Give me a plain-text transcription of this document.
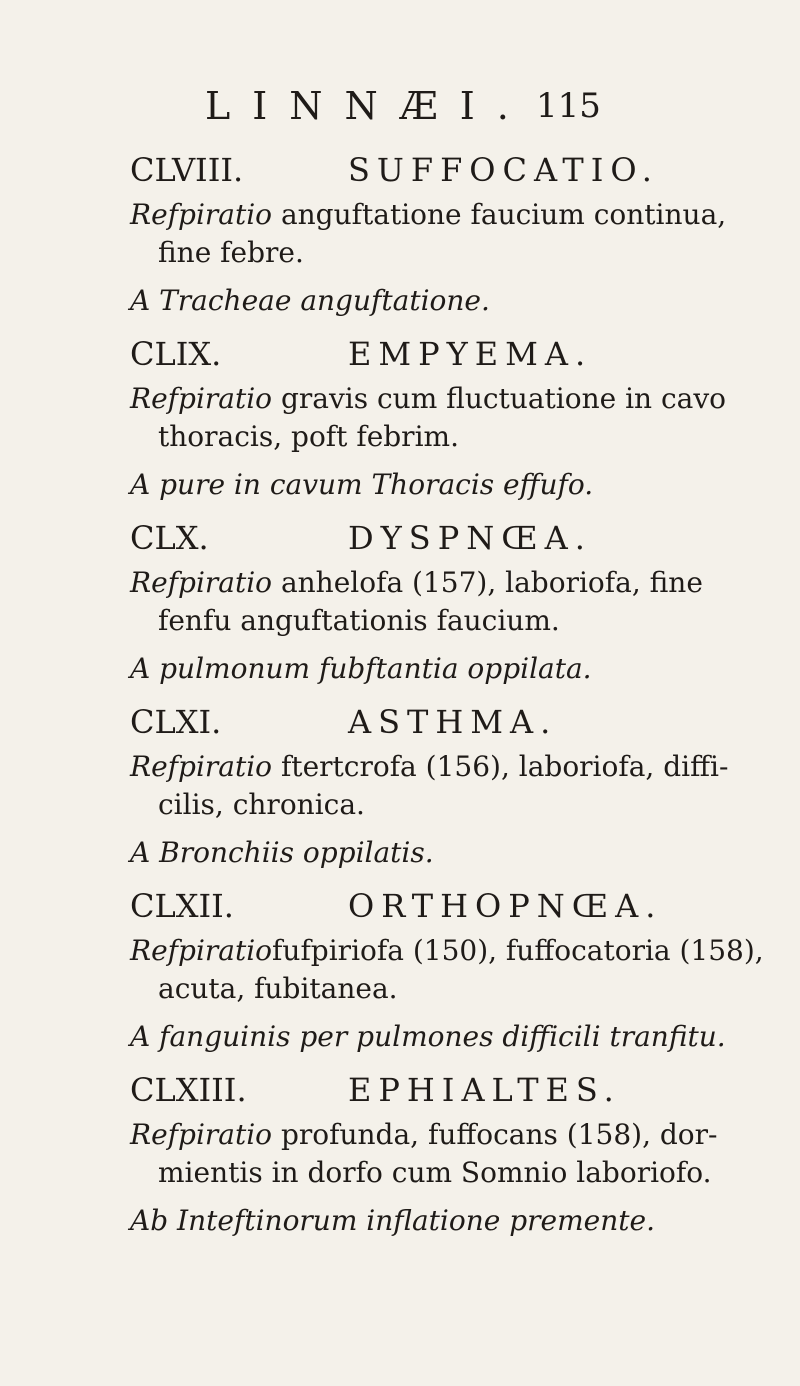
LINNÆI. 115
CLVIII.	SUFFOCATIO.
Refpiratio anguftatione faucium continua,
fine febre.
A Tracheae anguftatione.
CLIX.	EMPYEMA.
Refpiratio gravis cum fluctuatione in cavo
thoracis, poft febrim.
A pure in cavum Thoracis effufo.
CLX.	DYSPNŒA.
Refpiratio anhelofa (157), laboriofa, fine
fenfu anguftationis faucium.
A pulmonum fubftantia oppilata.
CLXI.	ASTHMA.
Refpiratio ftertcrofa (156), laboriofa, diffi-
cilis, chronica.
A Bronchiis oppilatis.
CLXII.	ORTHOPNŒA.
Refpiratiofufpiriofa (150), fuffocatoria (158),
acuta, fubitanea.
A fanguinis per pulmones difficili tranfitu.
CLXIII.	EPHIALTES.
Refpiratio profunda, fuffocans (158), dor-
mientis in dorfo cum Somnio laboriofo.
Ab Inteftinorum inflatione premente.
